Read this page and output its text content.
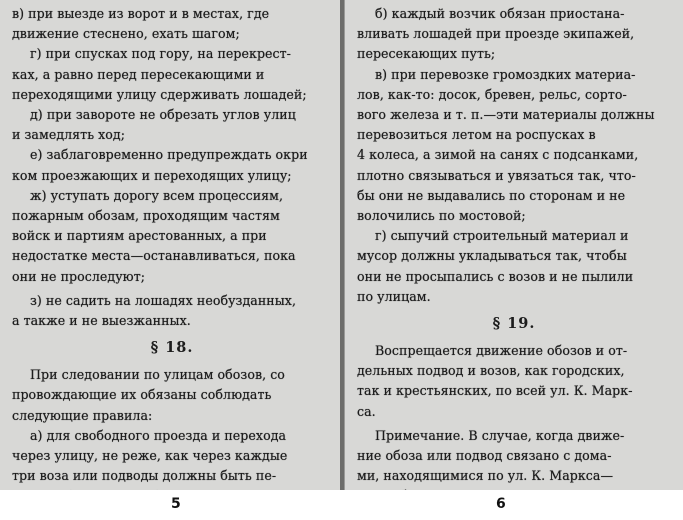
в) при выезде из ворот и в местах, где

движение стеснено, ехать шагом;

г) при спусках под гору, на перекрест-

ках, а равно перед пересекающими и

переходящими улицу сдерживать лошадей;

д) при завороте не обрезать углов улиц

и замедлять ход;

е) заблаговременно предупреждать окри

ком проезжающих и переходящих улицу;

ж) уступать дорогу всем процессиям,

пожарным обозам, проходящим частям

войск и партиям арестованных, а при

недостатке места—останавливаться, пока

они не проследуют;

з) не садить на лошадях необузданных,

а также и не выезжанных.

§ 18.

При следовании по улицам обозов, со

провождающие их обязаны соблюдать

следующие правила:

а) для свободного проезда и перехода

через улицу, не реже, как через каждые

три воза или подводы должны быть пе-

б) каждый возчик обязан приостана-

вливать лошадей при проезде экипажей,

пересекающих путь;

в) при перевозке громоздких материа-

лов, как-то: досок, бревен, рельс, сорто-

вого железа и т. п.—эти материалы должны

перевозиться летом на роспусках в

4 колеса, а зимой на санях с подсанками,

плотно связываться и увязаться так, что-

бы они не выдавались по сторонам и не

волочились по мостовой;

г) сыпучий строительный материал и

мусор должны укладываться так, чтобы

они не просыпались с возов и не пылили

по улицам.

§ 19.

Воспрещается движение обозов и от-

дельных подвод и возов, как городских,

так и крестьянских, по всей ул. К. Марк-

са.

Примечание. В случае, когда движе-

ние обоза или подвод связано с дома-

ми, находящимися по ул. К. Маркса—

5	6
